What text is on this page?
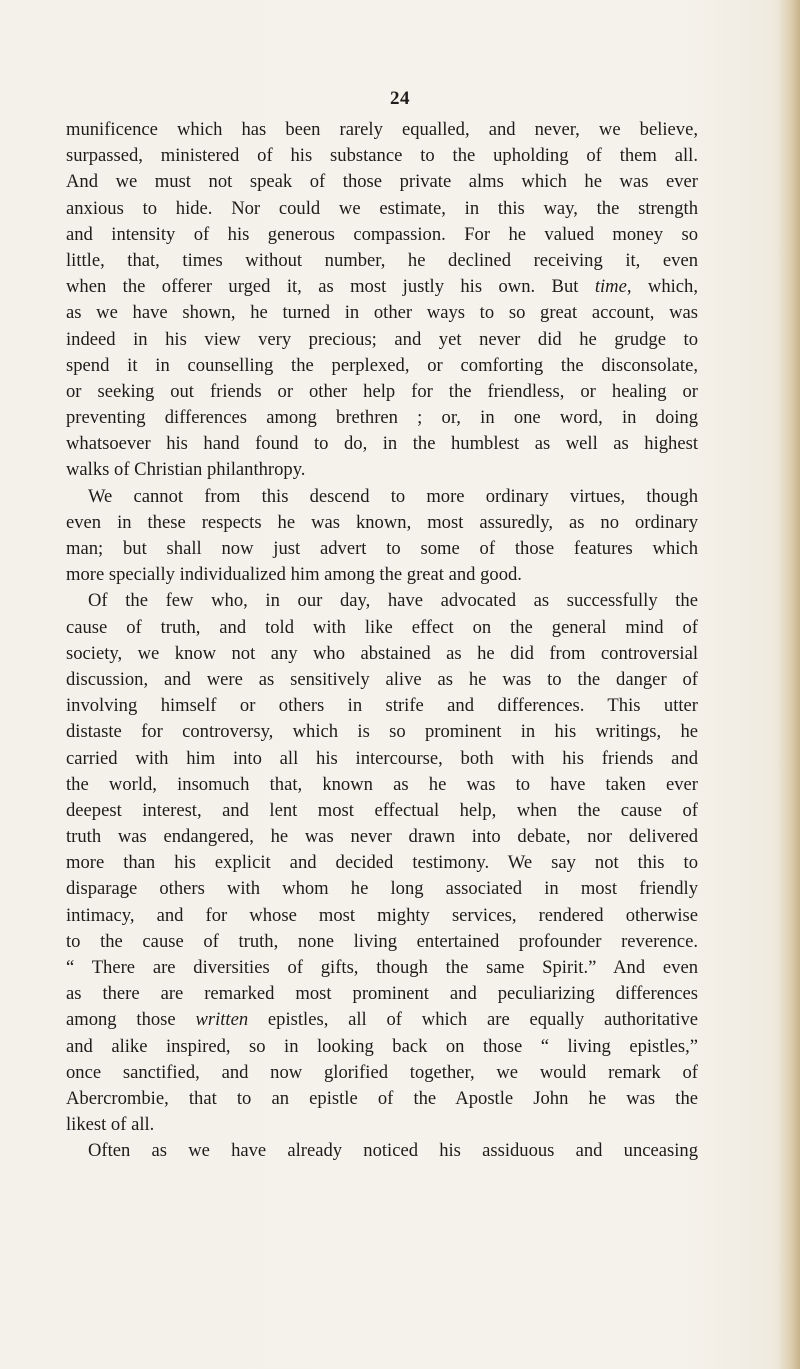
24
munificence which has been rarely equalled, and never, we believe,
surpassed, ministered of his substance to the upholding of them all.
And we must not speak of those private alms which he was ever
anxious to hide. Nor could we estimate, in this way, the strength
and intensity of his generous compassion. For he valued money so
little, that, times without number, he declined receiving it, even
when the offerer urged it, as most justly his own. But time, which,
as we have shown, he turned in other ways to so great account, was
indeed in his view very precious; and yet never did he grudge to
spend it in counselling the perplexed, or comforting the disconsolate,
or seeking out friends or other help for the friendless, or healing or
preventing differences among brethren ; or, in one word, in doing
whatsoever his hand found to do, in the humblest as well as highest
walks of Christian philanthropy.
We cannot from this descend to more ordinary virtues, though
even in these respects he was known, most assuredly, as no ordinary
man; but shall now just advert to some of those features which
more specially individualized him among the great and good.
Of the few who, in our day, have advocated as successfully the
cause of truth, and told with like effect on the general mind of
society, we know not any who abstained as he did from controversial
discussion, and were as sensitively alive as he was to the danger of
involving himself or others in strife and differences. This utter
distaste for controversy, which is so prominent in his writings, he
carried with him into all his intercourse, both with his friends and
the world, insomuch that, known as he was to have taken ever
deepest interest, and lent most effectual help, when the cause of
truth was endangered, he was never drawn into debate, nor delivered
more than his explicit and decided testimony. We say not this to
disparage others with whom he long associated in most friendly
intimacy, and for whose most mighty services, rendered otherwise
to the cause of truth, none living entertained profounder reverence.
“ There are diversities of gifts, though the same Spirit.” And even
as there are remarked most prominent and peculiarizing differences
among those written epistles, all of which are equally authoritative
and alike inspired, so in looking back on those “ living epistles,”
once sanctified, and now glorified together, we would remark of
Abercrombie, that to an epistle of the Apostle John he was the
likest of all.
Often as we have already noticed his assiduous and unceasing
